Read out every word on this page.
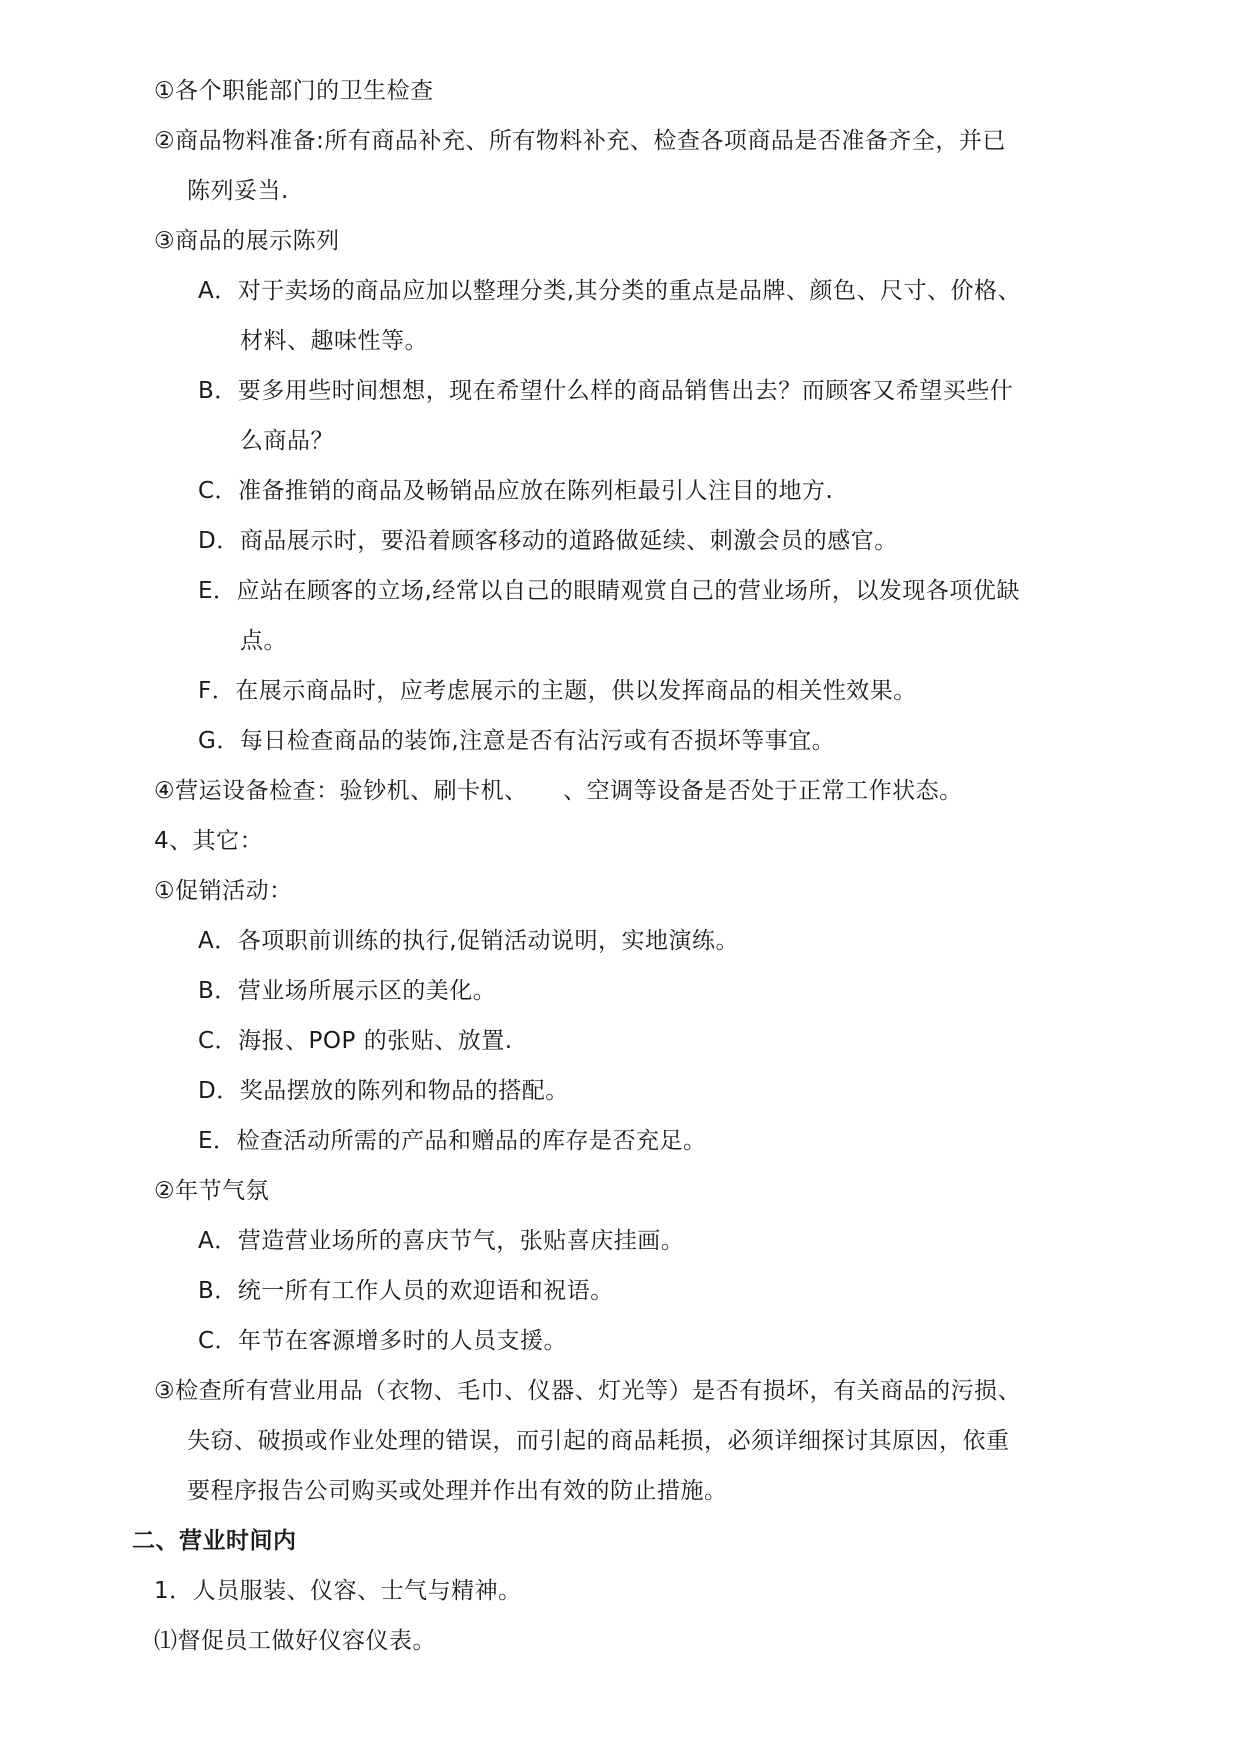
①各个职能部门的卫生检查
②商品物料准备:所有商品补充、所有物料补充、检查各项商品是否准备齐全，并已
陈列妥当.
③商品的展示陈列
A．对于卖场的商品应加以整理分类,其分类的重点是品牌、颜色、尺寸、价格、
材料、趣味性等。
B．要多用些时间想想，现在希望什么样的商品销售出去？而顾客又希望买些什
么商品？
C．准备推销的商品及畅销品应放在陈列柜最引人注目的地方.
D．商品展示时，要沿着顾客移动的道路做延续、刺激会员的感官。
E．应站在顾客的立场,经常以自己的眼睛观赏自己的营业场所，以发现各项优缺
点。
F．在展示商品时，应考虑展示的主题，供以发挥商品的相关性效果。
G．每日检查商品的装饰,注意是否有沾污或有否损坏等事宜。
④营运设备检查：验钞机、刷卡机、　　、空调等设备是否处于正常工作状态。
4、其它：
①促销活动：
A．各项职前训练的执行,促销活动说明，实地演练。
B．营业场所展示区的美化。
C．海报、POP 的张贴、放置.
D．奖品摆放的陈列和物品的搭配。
E．检查活动所需的产品和赠品的库存是否充足。
②年节气氛
A．营造营业场所的喜庆节气，张贴喜庆挂画。
B．统一所有工作人员的欢迎语和祝语。
C．年节在客源增多时的人员支援。
③检查所有营业用品（衣物、毛巾、仪器、灯光等）是否有损坏，有关商品的污损、
失窃、破损或作业处理的错误，而引起的商品耗损，必须详细探讨其原因，依重
要程序报告公司购买或处理并作出有效的防止措施。
二、营业时间内
1．人员服装、仪容、士气与精神。
⑴督促员工做好仪容仪表。
